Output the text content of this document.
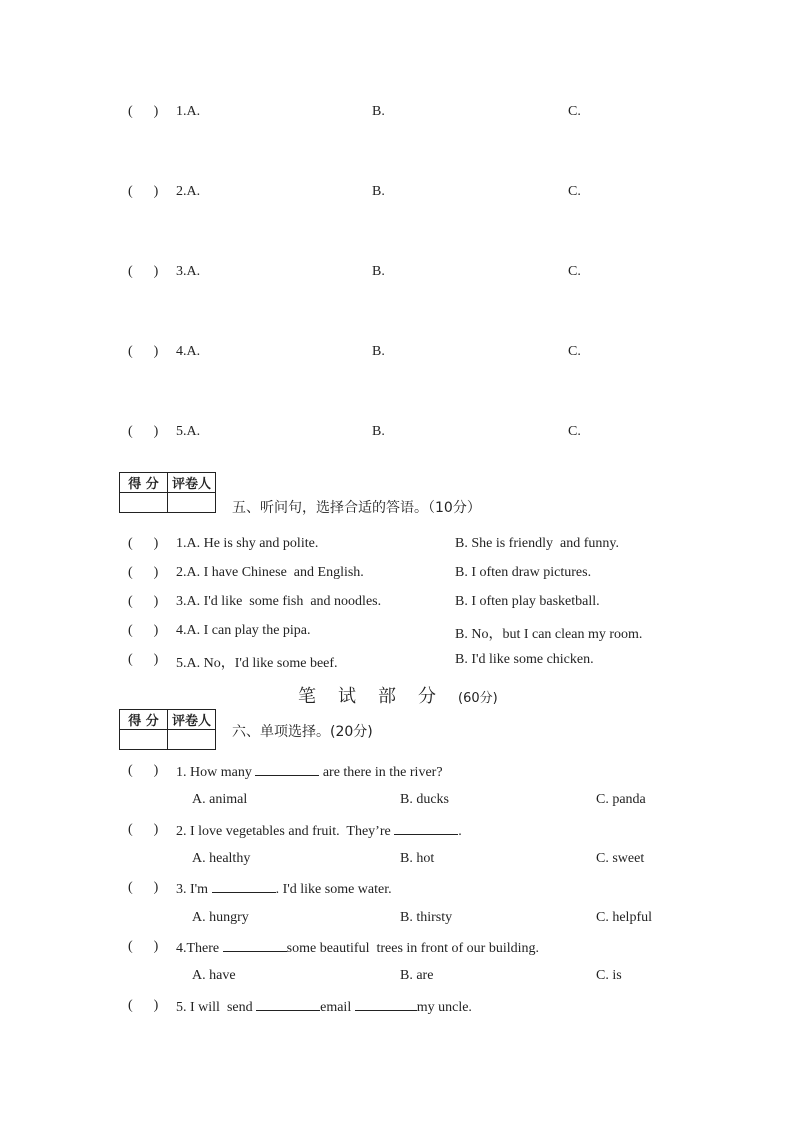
(      ) 1.A.	B.	C.
(      ) 2.A.	B.	C.
(      ) 3.A.	B.	C.
(      ) 4.A.	B.	C.
(      ) 5.A.	B.	C.
得 分	评卷人

五、听问句，选择合适的答语。（10分）
(      ) 1.A. He is shy and polite.	B. She is friendly  and funny.
(      ) 2.A. I have Chinese  and English.	B. I often draw pictures.
(      ) 3.A. I'd like  some fish  and noodles.	B. I often play basketball.
(      ) 4.A. I can play the pipa.	B. No，but I can clean my room.
(      ) 5.A. No，I'd like some beef.	B. I'd like some chicken.
笔试部分(60分)
得 分	评卷人

六、单项选择。(20分)
(      ) 1. How many	are there in the river?
A. animal	B. ducks	C. panda
(      ) 2. I love vegetables and fruit.  They’re	.
A. healthy	B. hot	C. sweet
(      ) 3. I'm	. I'd like some water.
A. hungry	B. thirsty	C. helpful
(      ) 4.There	some beautiful  trees in front of our building.
A. have	B. are	C. is
(      ) 5. I will  send	email	my uncle.
